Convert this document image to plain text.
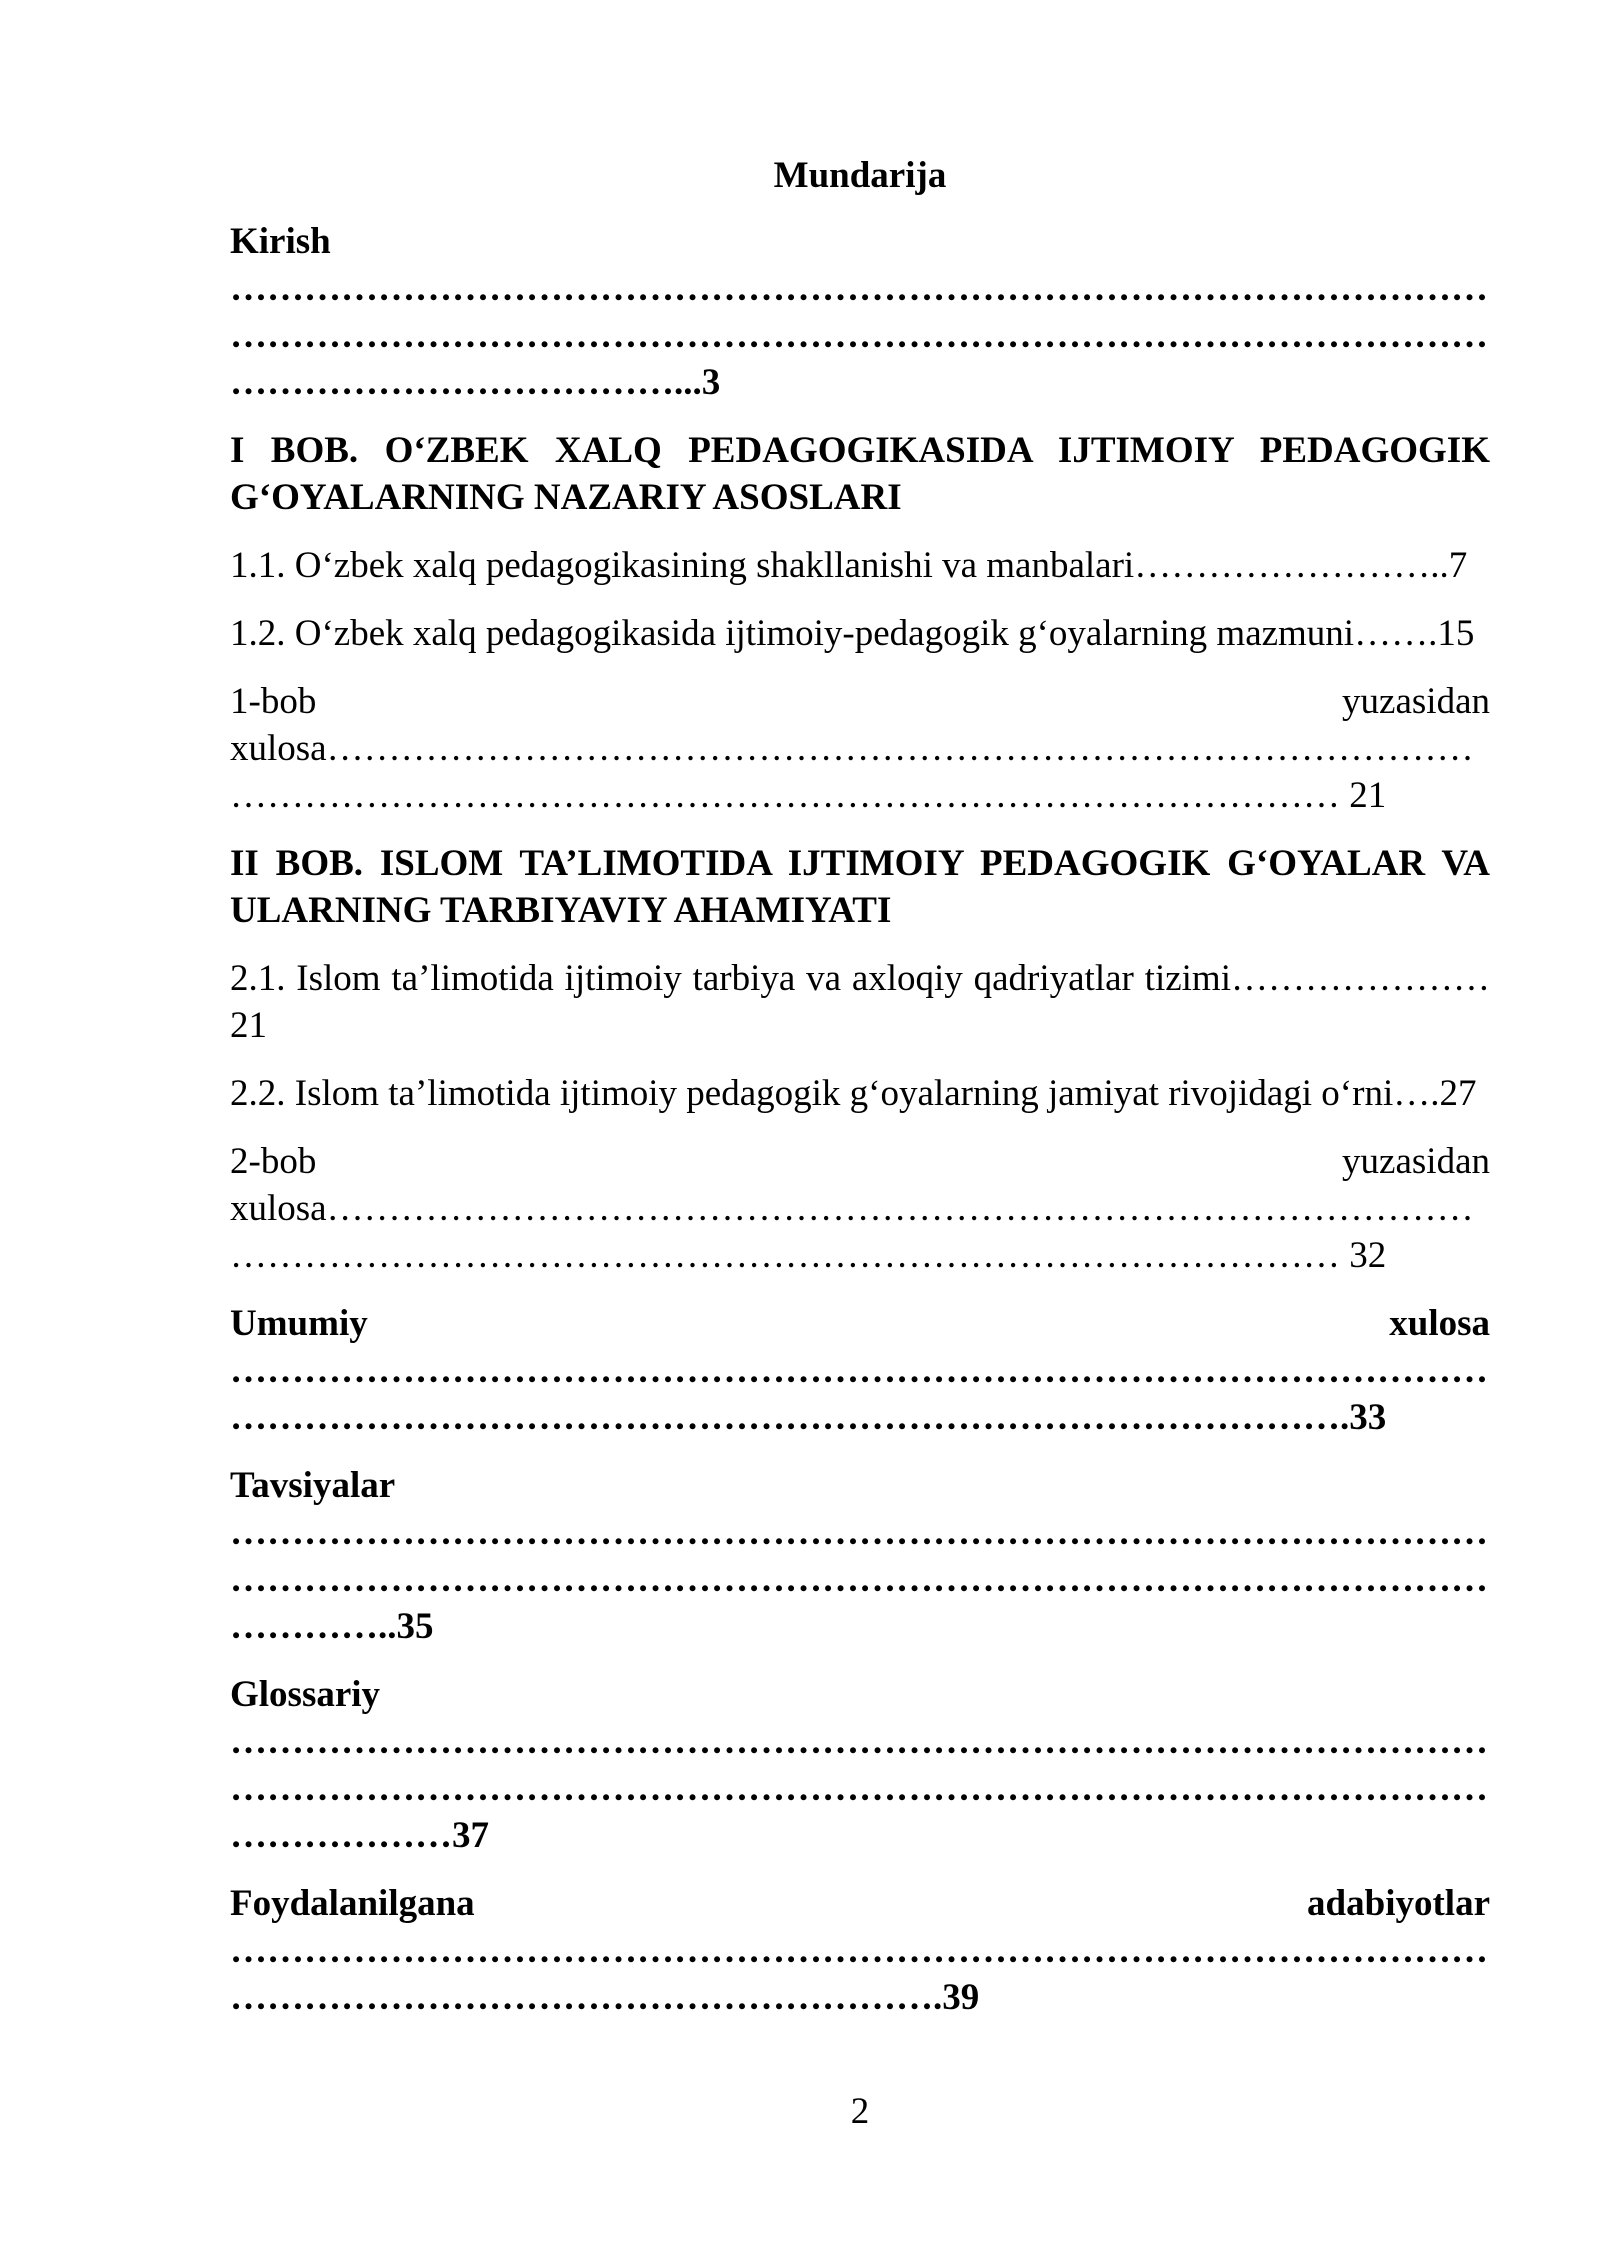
Mundarija

Kirish ……………………………………………………………………………………………………………………………………………………………………………………………………………………...3

I BOB. O‘ZBEK XALQ PEDAGOGIKASIDA IJTIMOIY PEDAGOGIK G‘OYALARNING NAZARIY ASOSLARI

1.1. O‘zbek xalq pedagogikasining shakllanishi va manbalari……………………..7

1.2. O‘zbek xalq pedagogikasida ijtimoiy-pedagogik g‘oyalarning mazmuni…….15

1-bob yuzasidan xulosa………………………………………………………………………………………………………………………………………………………………… 21

II BOB. ISLOM TA’LIMOTIDA IJTIMOIY PEDAGOGIK G‘OYALAR VA ULARNING TARBIYAVIY AHAMIYATI

2.1. Islom ta’limotida ijtimoiy tarbiya va axloqiy qadriyatlar tizimi………………… 21

2.2. Islom ta’limotida ijtimoiy pedagogik g‘oyalarning jamiyat rivojidagi o‘rni….27

2-bob yuzasidan xulosa………………………………………………………………………………………………………………………………………………………………… 32

Umumiy xulosa ………………………………………………………………………………………………………………………………………………………………………….33

Tavsiyalar ………………………………………………………………………………………………………………………………………………………………………………………………..35

Glossariy ……………………………………………………………………………………………………………………………………………………………………………………………………37

Foydalanilgana adabiyotlar …………………………………………………………………………………………………………………………………………….39

2
